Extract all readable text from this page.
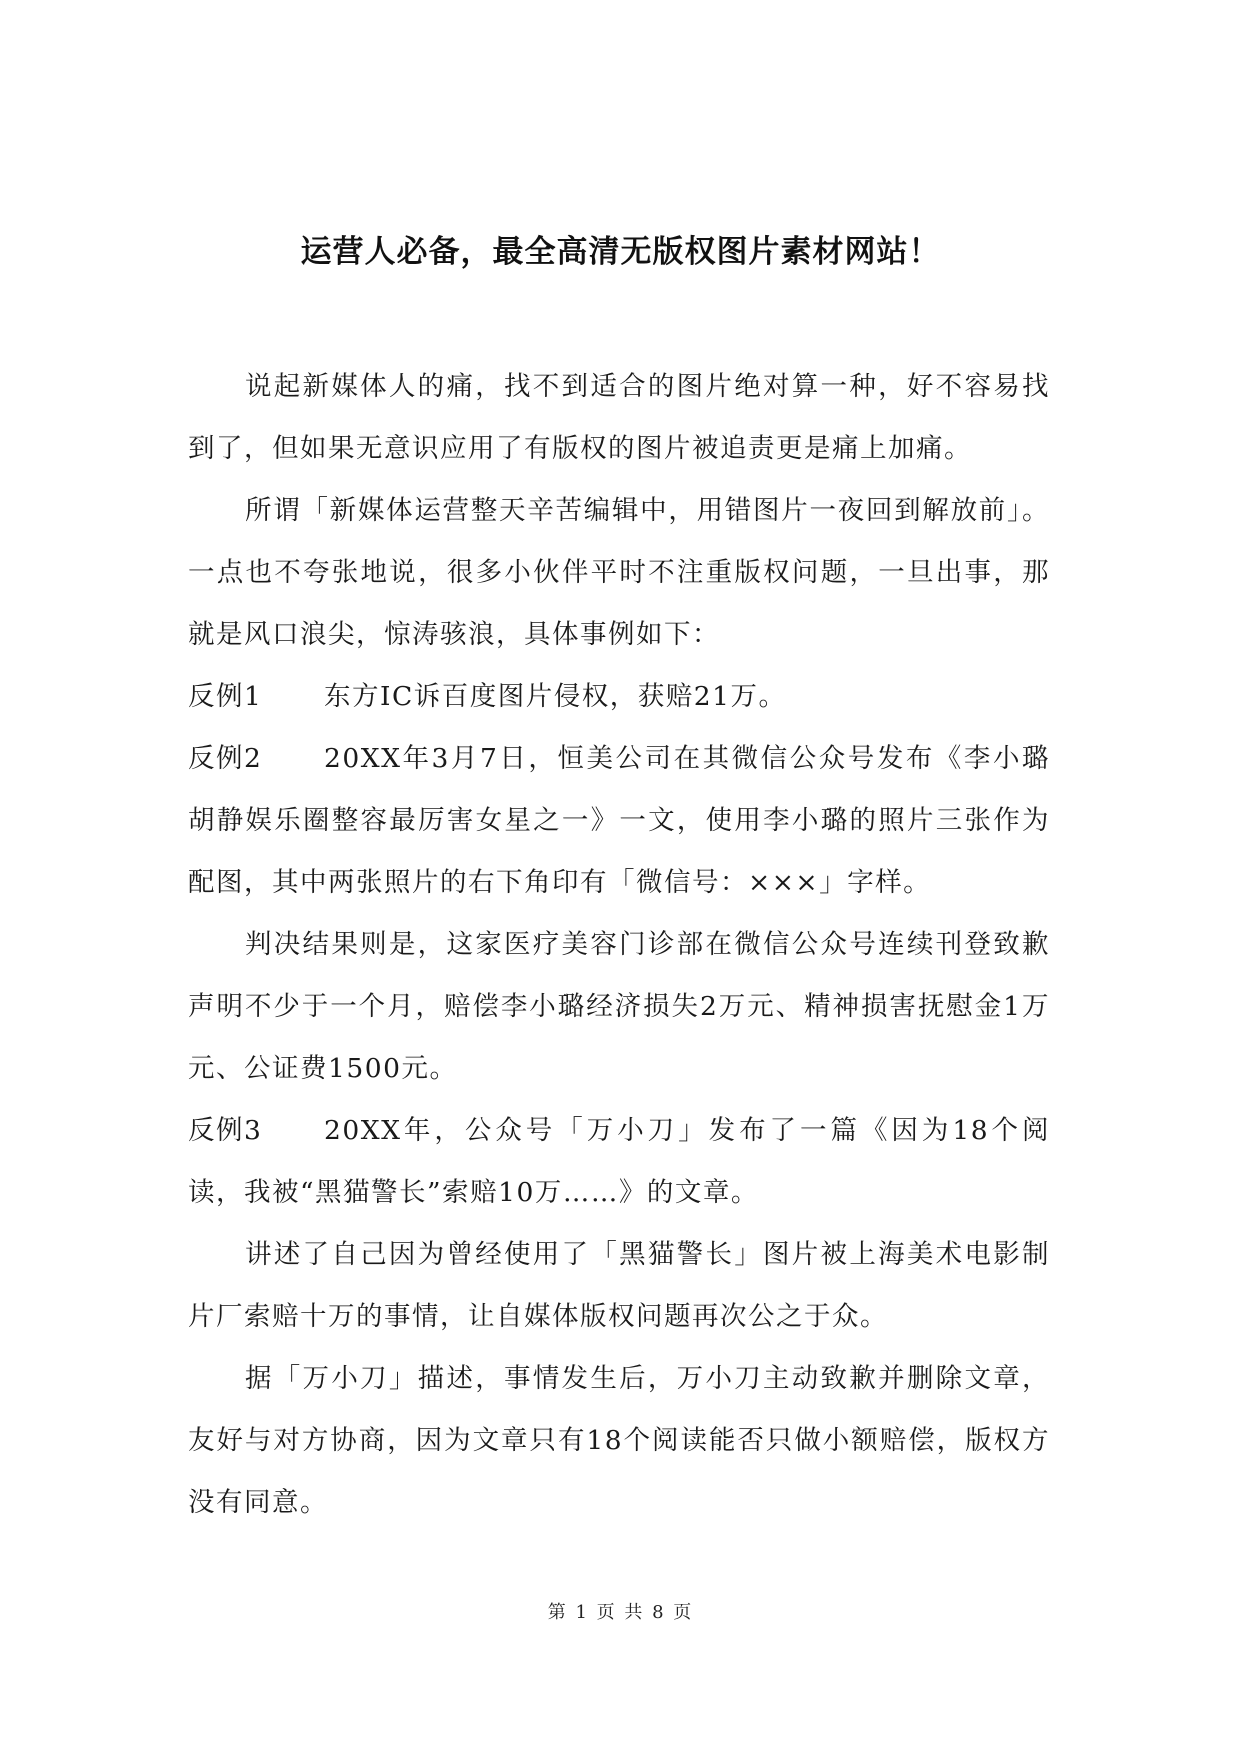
运营人必备，最全高清无版权图片素材网站！

说起新媒体人的痛，找不到适合的图片绝对算一种，好不容易找到了，但如果无意识应用了有版权的图片被追责更是痛上加痛。

所谓「新媒体运营整天辛苦编辑中，用错图片一夜回到解放前」。一点也不夸张地说，很多小伙伴平时不注重版权问题，一旦出事，那就是风口浪尖，惊涛骇浪，具体事例如下：

反例1 东方IC诉百度图片侵权，获赔21万。

反例2 20XX年3月7日，恒美公司在其微信公众号发布《李小璐胡静娱乐圈整容最厉害女星之一》一文，使用李小璐的照片三张作为配图，其中两张照片的右下角印有「微信号：×××」字样。

判决结果则是，这家医疗美容门诊部在微信公众号连续刊登致歉声明不少于一个月，赔偿李小璐经济损失2万元、精神损害抚慰金1万元、公证费1500元。

反例3 20XX年，公众号「万小刀」发布了一篇《因为18个阅读，我被“黑猫警长”索赔10万……》的文章。

讲述了自己因为曾经使用了「黑猫警长」图片被上海美术电影制片厂索赔十万的事情，让自媒体版权问题再次公之于众。

据「万小刀」描述，事情发生后，万小刀主动致歉并删除文章，友好与对方协商，因为文章只有18个阅读能否只做小额赔偿，版权方没有同意。

第 1 页 共 8 页
